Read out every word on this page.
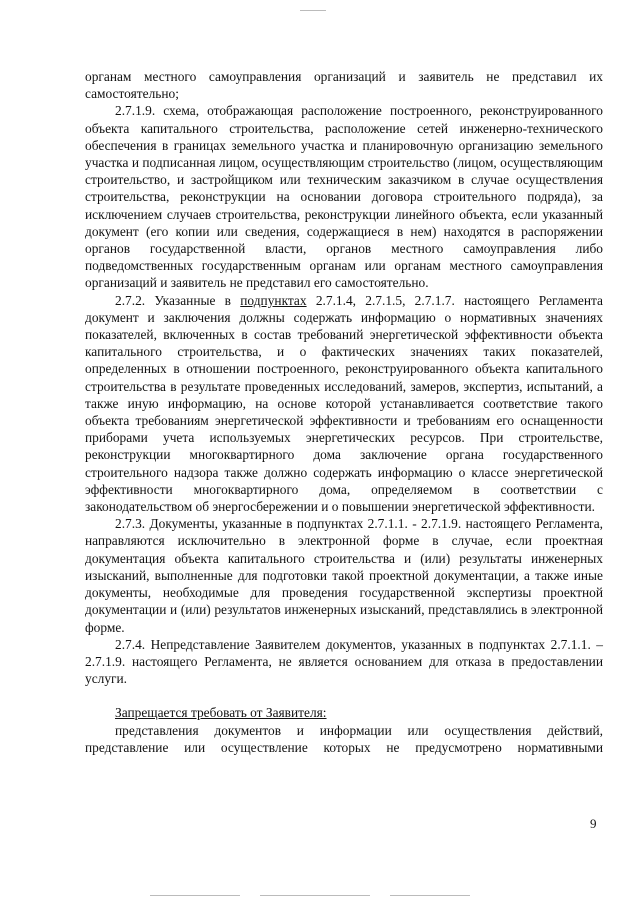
органам местного самоуправления организаций и заявитель не представил их самостоятельно;

2.7.1.9. схема, отображающая расположение построенного, реконструированного объекта капитального строительства, расположение сетей инженерно-технического обеспечения в границах земельного участка и планировочную организацию земельного участка и подписанная лицом, осуществляющим строительство (лицом, осуществляющим строительство, и застройщиком или техническим заказчиком в случае осуществления строительства, реконструкции на основании договора строительного подряда), за исключением случаев строительства, реконструкции линейного объекта, если указанный документ (его копии или сведения, содержащиеся в нем) находятся в распоряжении органов государственной власти, органов местного самоуправления либо подведомственных государственным органам или органам местного самоуправления организаций и заявитель не представил его самостоятельно.

2.7.2. Указанные в подпунктах 2.7.1.4, 2.7.1.5, 2.7.1.7. настоящего Регламента документ и заключения должны содержать информацию о нормативных значениях показателей, включенных в состав требований энергетической эффективности объекта капитального строительства, и о фактических значениях таких показателей, определенных в отношении построенного, реконструированного объекта капитального строительства в результате проведенных исследований, замеров, экспертиз, испытаний, а также иную информацию, на основе которой устанавливается соответствие такого объекта требованиям энергетической эффективности и требованиям его оснащенности приборами учета используемых энергетических ресурсов. При строительстве, реконструкции многоквартирного дома заключение органа государственного строительного надзора также должно содержать информацию о классе энергетической эффективности многоквартирного дома, определяемом в соответствии с законодательством об энергосбережении и о повышении энергетической эффективности.

2.7.3. Документы, указанные в подпунктах 2.7.1.1. - 2.7.1.9. настоящего Регламента, направляются исключительно в электронной форме в случае, если проектная документация объекта капитального строительства и (или) результаты инженерных изысканий, выполненные для подготовки такой проектной документации, а также иные документы, необходимые для проведения государственной экспертизы проектной документации и (или) результатов инженерных изысканий, представлялись в электронной форме.

2.7.4. Непредставление Заявителем документов, указанных в подпунктах 2.7.1.1. – 2.7.1.9. настоящего Регламента, не является основанием для отказа в предоставлении услуги.

Запрещается требовать от Заявителя:

представления документов и информации или осуществления действий, представление или осуществление которых не предусмотрено нормативными

9
